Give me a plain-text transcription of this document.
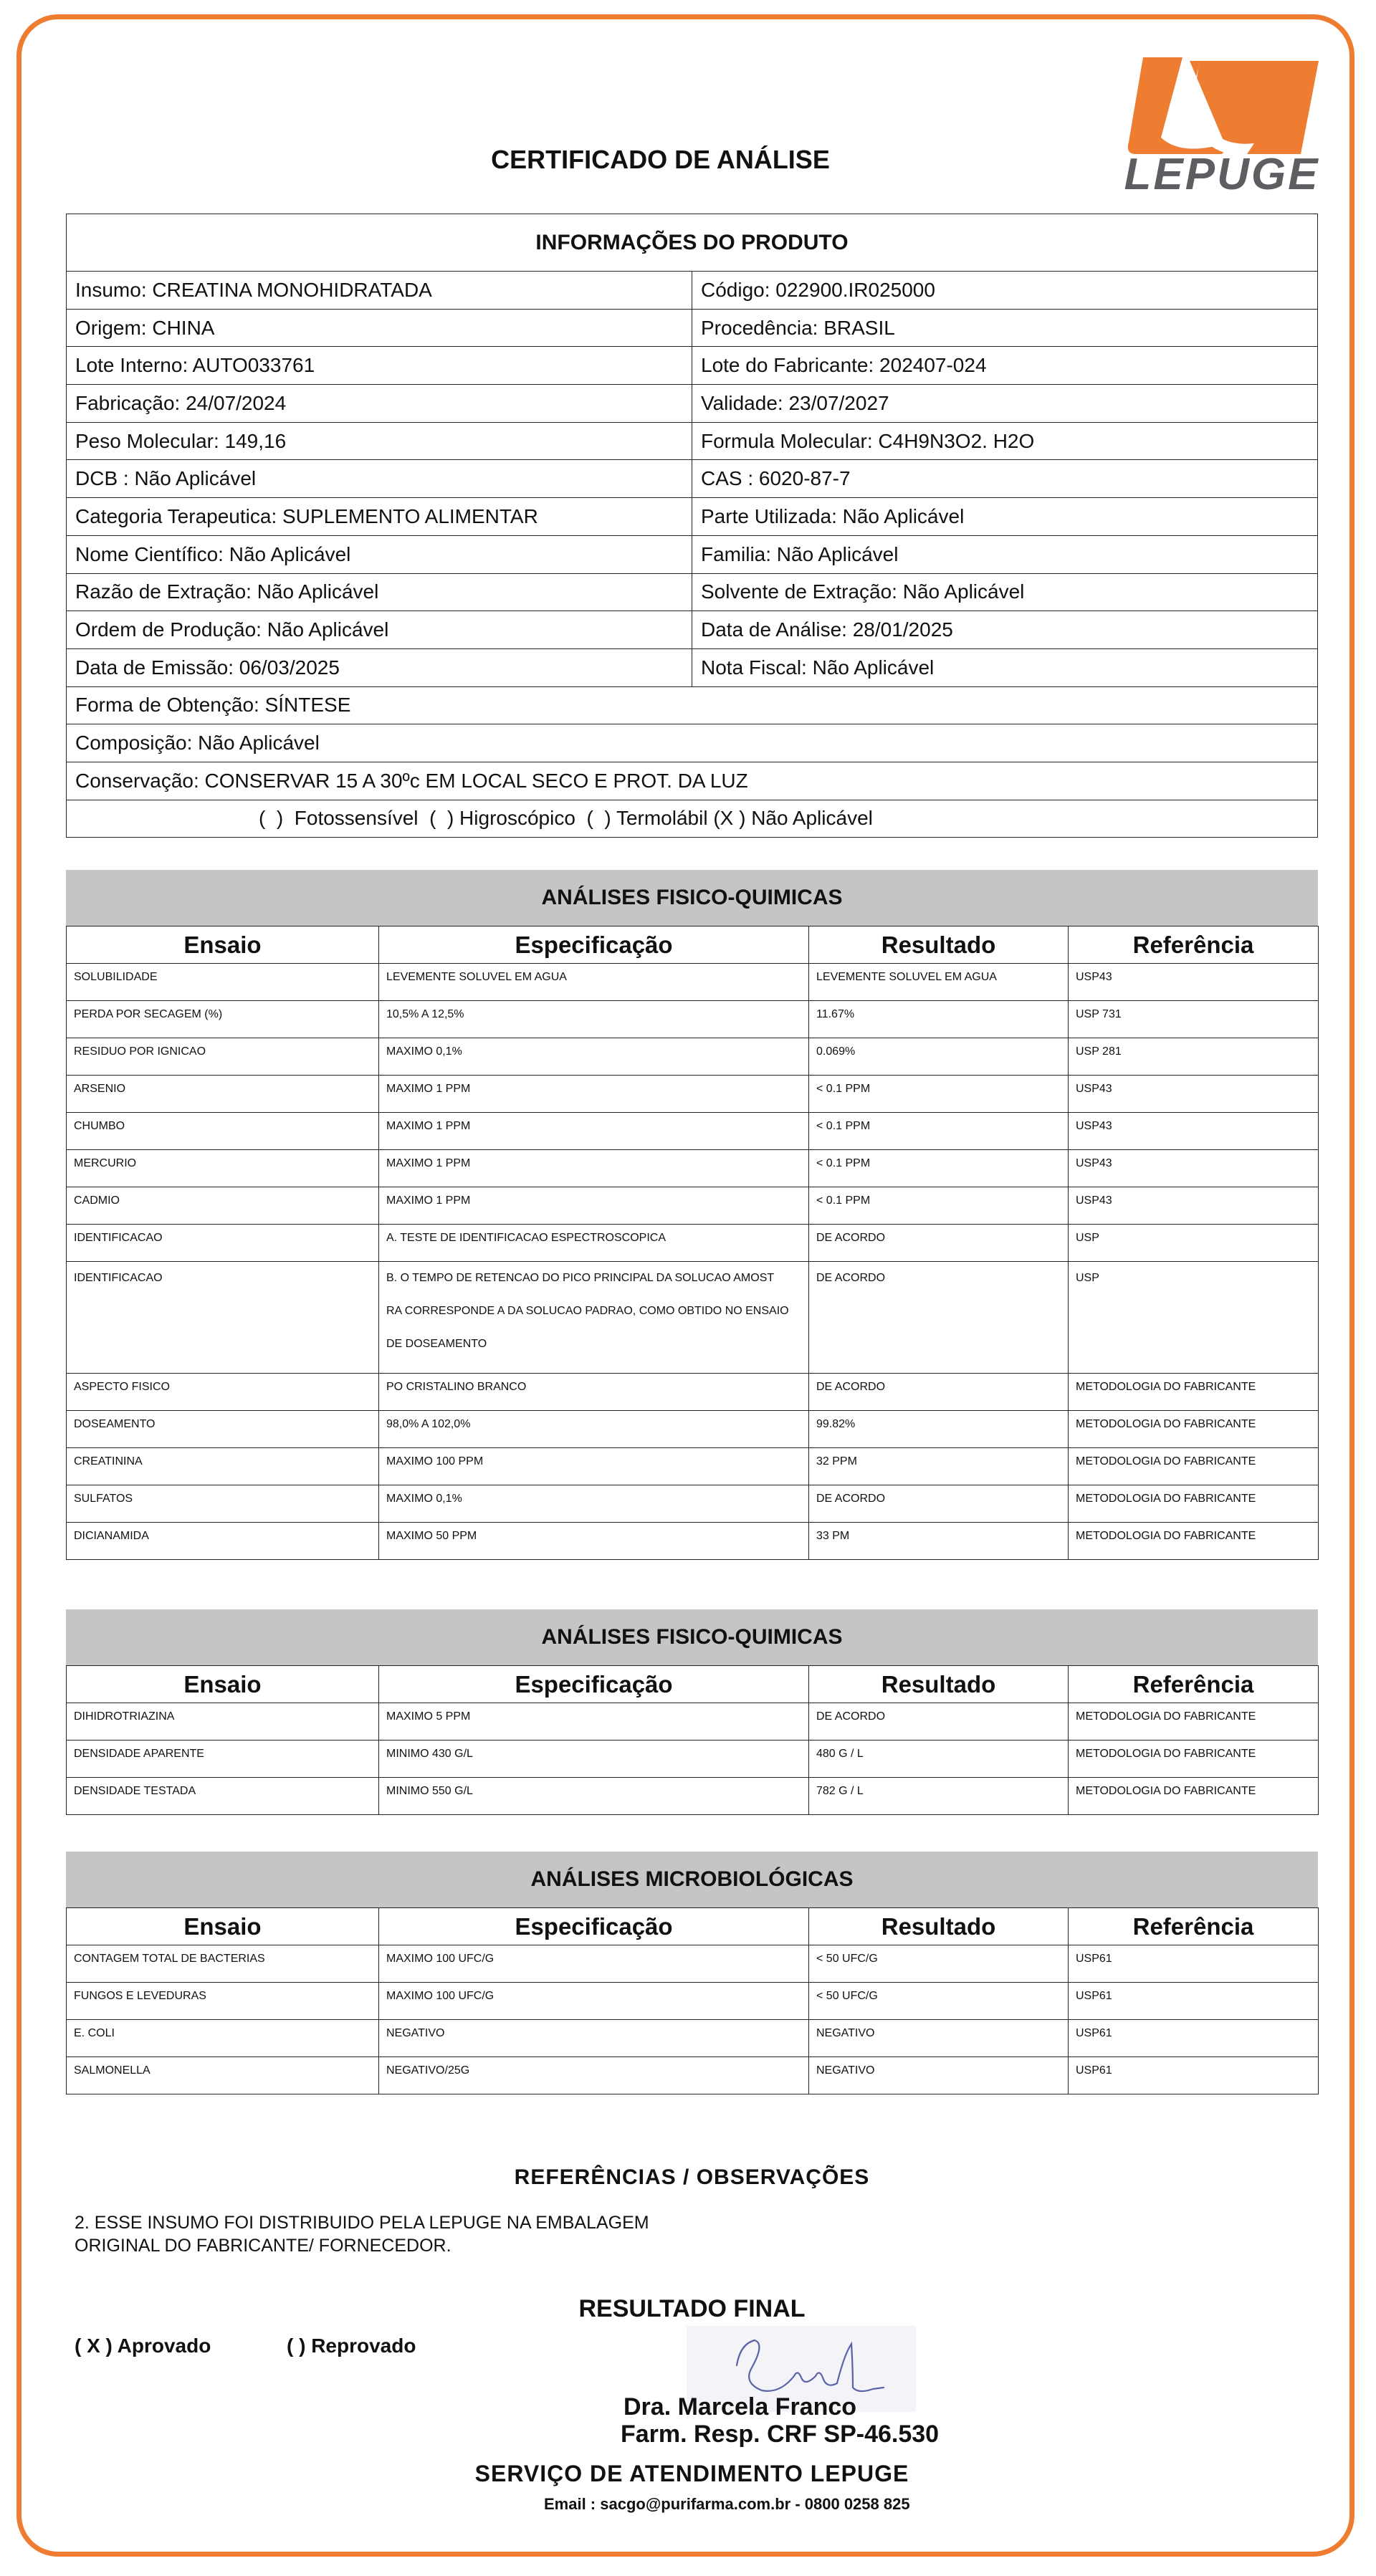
LEPUGE
CERTIFICADO DE ANÁLISE
INFORMAÇÕES DO PRODUTO	
Insumo: CREATINA MONOHIDRATADA	Código: 022900.IR025000
Origem: CHINA	Procedência: BRASIL
Lote Interno: AUTO033761	Lote do Fabricante: 202407-024
Fabricação: 24/07/2024	Validade: 23/07/2027
Peso Molecular: 149,16	Formula Molecular: C4H9N3O2. H2O
DCB : Não Aplicável	CAS : 6020-87-7
Categoria Terapeutica: SUPLEMENTO ALIMENTAR	Parte Utilizada: Não Aplicável
Nome Científico: Não Aplicável	Familia: Não Aplicável
Razão de Extração: Não Aplicável	Solvente de Extração: Não Aplicável
Ordem de Produção: Não Aplicável	Data de Análise: 28/01/2025
Data de Emissão: 06/03/2025	Nota Fiscal: Não Aplicável
Forma de Obtenção: SÍNTESE	
Composição: Não Aplicável	
Conservação: CONSERVAR 15 A 30ºc EM LOCAL SECO E PROT. DA LUZ	
(  )  Fotossensível  (  ) Higroscópico  (  ) Termolábil (X ) Não Aplicável	
ANÁLISES FISICO-QUIMICAS
Ensaio	Especificação	Resultado	Referência
SOLUBILIDADE	LEVEMENTE SOLUVEL EM AGUA	LEVEMENTE SOLUVEL EM AGUA	USP43
PERDA POR SECAGEM (%)	10,5% A 12,5%	11.67%	USP 731
RESIDUO POR IGNICAO	MAXIMO 0,1%	0.069%	USP 281
ARSENIO	MAXIMO 1 PPM	< 0.1 PPM	USP43
CHUMBO	MAXIMO 1 PPM	< 0.1 PPM	USP43
MERCURIO	MAXIMO 1 PPM	< 0.1 PPM	USP43
CADMIO	MAXIMO 1 PPM	< 0.1 PPM	USP43
IDENTIFICACAO	A. TESTE DE IDENTIFICACAO ESPECTROSCOPICA	DE ACORDO	USP
IDENTIFICACAO	B. O TEMPO DE RETENCAO DO PICO PRINCIPAL DA SOLUCAO AMOST
RA CORRESPONDE A DA SOLUCAO PADRAO, COMO OBTIDO NO ENSAIO
DE DOSEAMENTO	DE ACORDO	USP
ASPECTO FISICO	PO CRISTALINO BRANCO	DE ACORDO	METODOLOGIA DO FABRICANTE
DOSEAMENTO	98,0% A 102,0%	99.82%	METODOLOGIA DO FABRICANTE
CREATININA	MAXIMO 100 PPM	32 PPM	METODOLOGIA DO FABRICANTE
SULFATOS	MAXIMO 0,1%	DE ACORDO	METODOLOGIA DO FABRICANTE
DICIANAMIDA	MAXIMO 50 PPM	33 PM	METODOLOGIA DO FABRICANTE
ANÁLISES FISICO-QUIMICAS
Ensaio	Especificação	Resultado	Referência
DIHIDROTRIAZINA	MAXIMO 5 PPM	DE ACORDO	METODOLOGIA DO FABRICANTE
DENSIDADE APARENTE	MINIMO 430 G/L	480 G / L	METODOLOGIA DO FABRICANTE
DENSIDADE TESTADA	MINIMO 550 G/L	782 G / L	METODOLOGIA DO FABRICANTE
ANÁLISES MICROBIOLÓGICAS
Ensaio	Especificação	Resultado	Referência
CONTAGEM TOTAL DE BACTERIAS	MAXIMO 100 UFC/G	< 50 UFC/G	USP61
FUNGOS E LEVEDURAS	MAXIMO 100 UFC/G	< 50 UFC/G	USP61
E. COLI	NEGATIVO	NEGATIVO	USP61
SALMONELLA	NEGATIVO/25G	NEGATIVO	USP61
REFERÊNCIAS / OBSERVAÇÕES
2. ESSE INSUMO FOI DISTRIBUIDO PELA LEPUGE NA EMBALAGEM
ORIGINAL DO FABRICANTE/ FORNECEDOR.
RESULTADO FINAL
( X ) Aprovado	( ) Reprovado
Dra. Marcela Franco
Farm. Resp. CRF SP-46.530
SERVIÇO DE ATENDIMENTO LEPUGE
Email : sacgo@purifarma.com.br - 0800 0258 825
